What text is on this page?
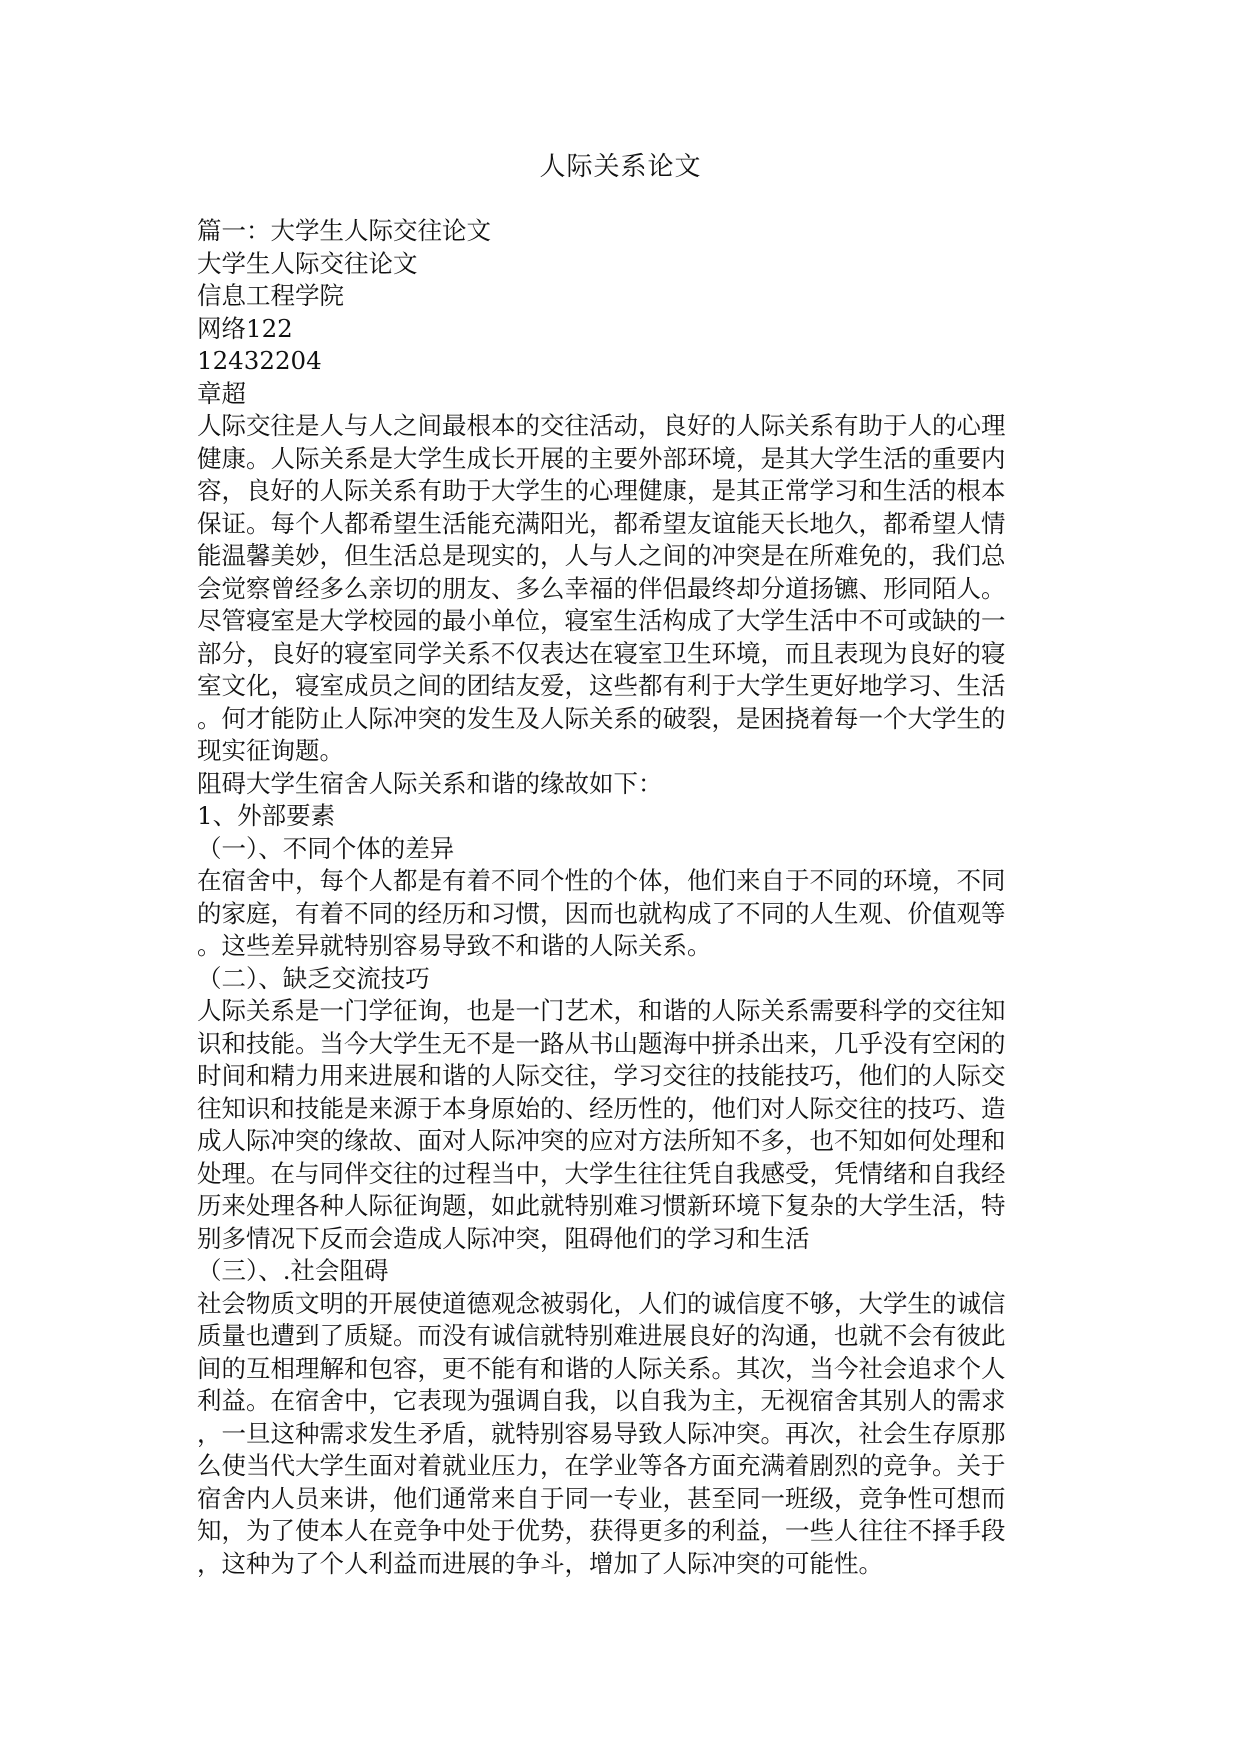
人际关系论文
篇一：大学生人际交往论文
大学生人际交往论文
信息工程学院
网络122
12432204
章超
人际交往是人与人之间最根本的交往活动，良好的人际关系有助于人的心理
健康。人际关系是大学生成长开展的主要外部环境，是其大学生活的重要内
容，良好的人际关系有助于大学生的心理健康，是其正常学习和生活的根本
保证。每个人都希望生活能充满阳光，都希望友谊能天长地久，都希望人情
能温馨美妙，但生活总是现实的，人与人之间的冲突是在所难免的，我们总
会觉察曾经多么亲切的朋友、多么幸福的伴侣最终却分道扬镳、形同陌人。
尽管寝室是大学校园的最小单位，寝室生活构成了大学生活中不可或缺的一
部分，良好的寝室同学关系不仅表达在寝室卫生环境，而且表现为良好的寝
室文化，寝室成员之间的团结友爱，这些都有利于大学生更好地学习、生活
。何才能防止人际冲突的发生及人际关系的破裂，是困挠着每一个大学生的
现实征询题。
阻碍大学生宿舍人际关系和谐的缘故如下：
1、外部要素
（一）、不同个体的差异
在宿舍中，每个人都是有着不同个性的个体，他们来自于不同的环境，不同
的家庭，有着不同的经历和习惯，因而也就构成了不同的人生观、价值观等
。这些差异就特别容易导致不和谐的人际关系。
（二）、缺乏交流技巧
人际关系是一门学征询，也是一门艺术，和谐的人际关系需要科学的交往知
识和技能。当今大学生无不是一路从书山题海中拼杀出来，几乎没有空闲的
时间和精力用来进展和谐的人际交往，学习交往的技能技巧，他们的人际交
往知识和技能是来源于本身原始的、经历性的，他们对人际交往的技巧、造
成人际冲突的缘故、面对人际冲突的应对方法所知不多，也不知如何处理和
处理。在与同伴交往的过程当中，大学生往往凭自我感受，凭情绪和自我经
历来处理各种人际征询题，如此就特别难习惯新环境下复杂的大学生活，特
别多情况下反而会造成人际冲突，阻碍他们的学习和生活
（三）、.社会阻碍
社会物质文明的开展使道德观念被弱化，人们的诚信度不够，大学生的诚信
质量也遭到了质疑。而没有诚信就特别难进展良好的沟通，也就不会有彼此
间的互相理解和包容，更不能有和谐的人际关系。其次，当今社会追求个人
利益。在宿舍中，它表现为强调自我，以自我为主，无视宿舍其别人的需求
，一旦这种需求发生矛盾，就特别容易导致人际冲突。再次，社会生存原那
么使当代大学生面对着就业压力，在学业等各方面充满着剧烈的竞争。关于
宿舍内人员来讲，他们通常来自于同一专业，甚至同一班级，竞争性可想而
知，为了使本人在竞争中处于优势，获得更多的利益，一些人往往不择手段
，这种为了个人利益而进展的争斗，增加了人际冲突的可能性。
